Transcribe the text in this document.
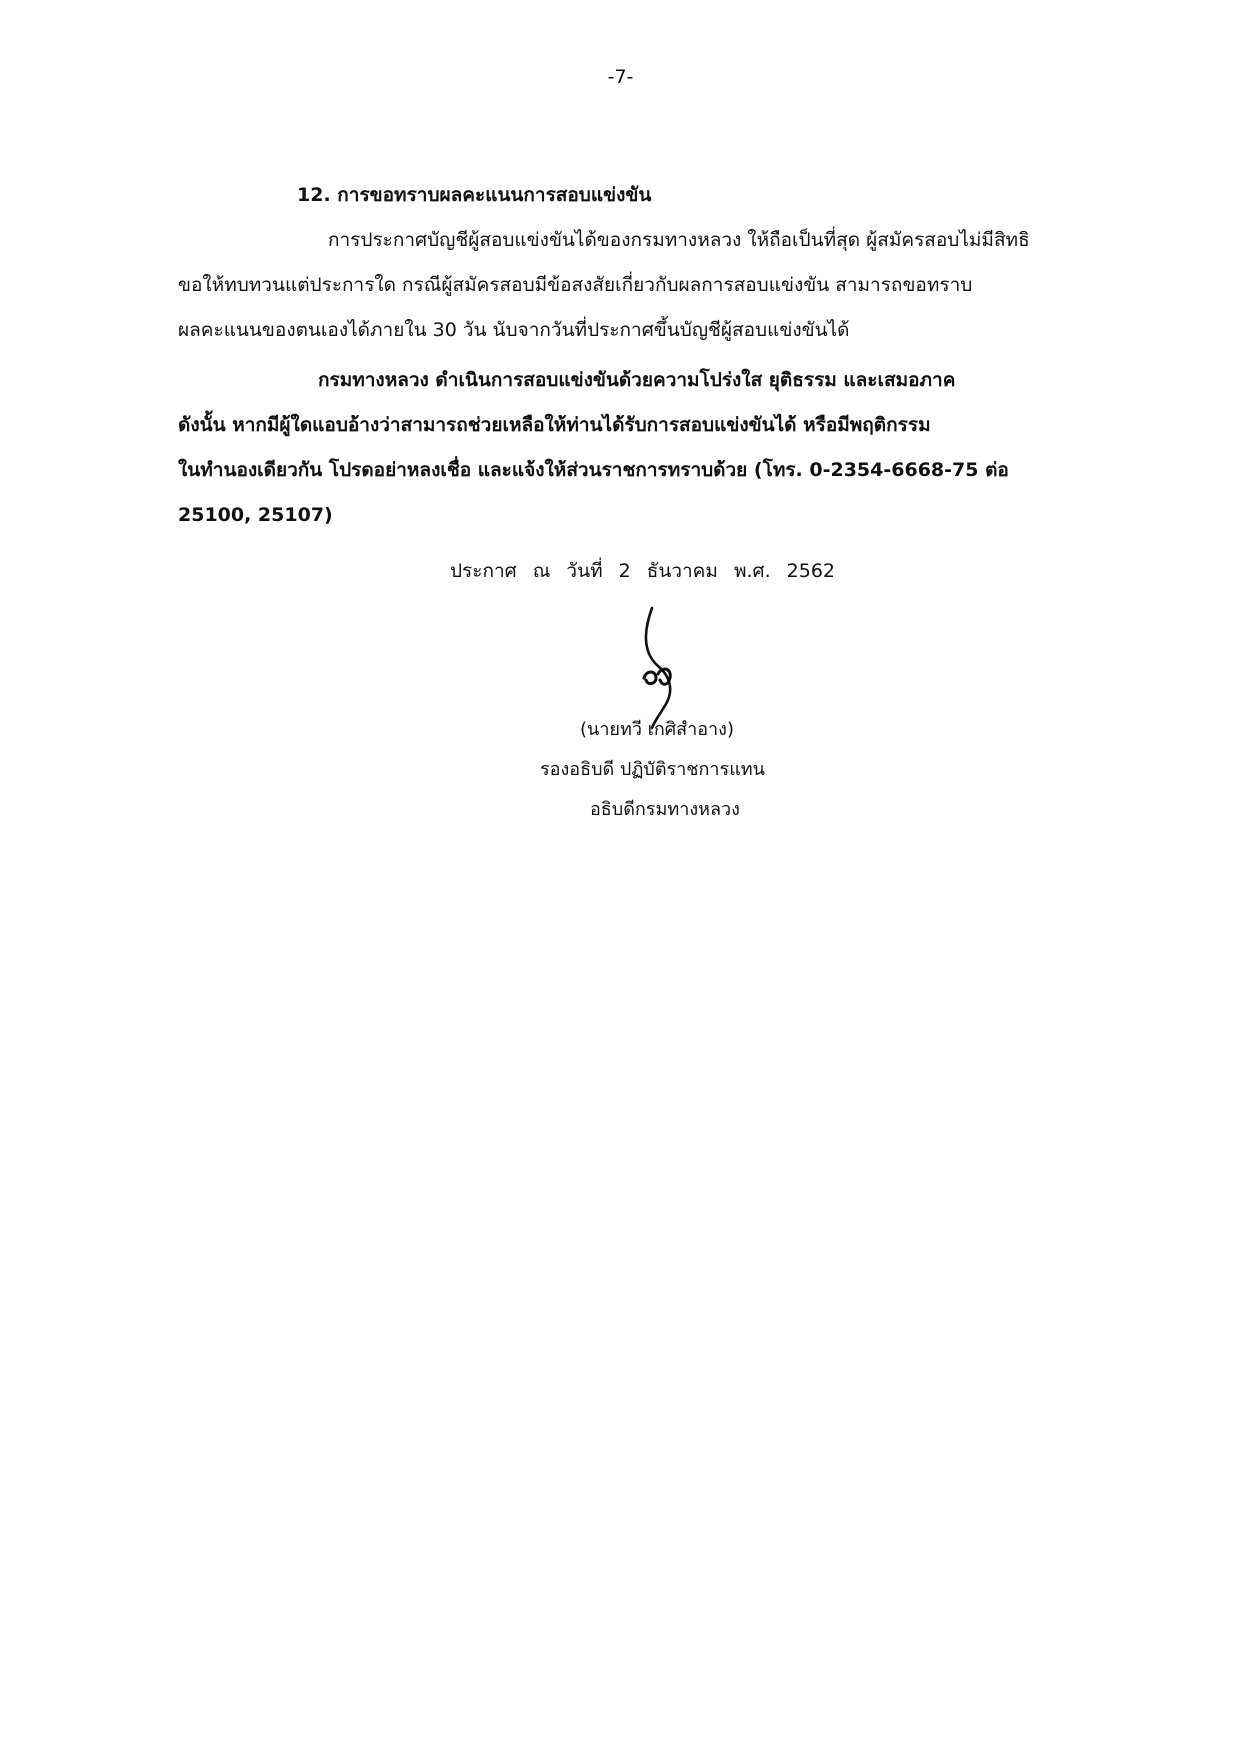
-7-
12. การขอทราบผลคะแนนการสอบแข่งขัน
การประกาศบัญชีผู้สอบแข่งขันได้ของกรมทางหลวง ให้ถือเป็นที่สุด ผู้สมัครสอบไม่มีสิทธิ
ขอให้ทบทวนแต่ประการใด กรณีผู้สมัครสอบมีข้อสงสัยเกี่ยวกับผลการสอบแข่งขัน สามารถขอทราบ
ผลคะแนนของตนเองได้ภายใน 30 วัน นับจากวันที่ประกาศขึ้นบัญชีผู้สอบแข่งขันได้
กรมทางหลวง ดำเนินการสอบแข่งขันด้วยความโปร่งใส ยุติธรรม และเสมอภาค
ดังนั้น หากมีผู้ใดแอบอ้างว่าสามารถช่วยเหลือให้ท่านได้รับการสอบแข่งขันได้ หรือมีพฤติกรรม
ในทำนองเดียวกัน โปรดอย่าหลงเชื่อ และแจ้งให้ส่วนราชการทราบด้วย (โทร. 0-2354-6668-75 ต่อ
25100, 25107)
ประกาศ ณ วันที่ 2 ธันวาคม พ.ศ. 2562
(นายทวี เกศิสำอาง)
รองอธิบดี ปฏิบัติราชการแทน
อธิบดีกรมทางหลวง
